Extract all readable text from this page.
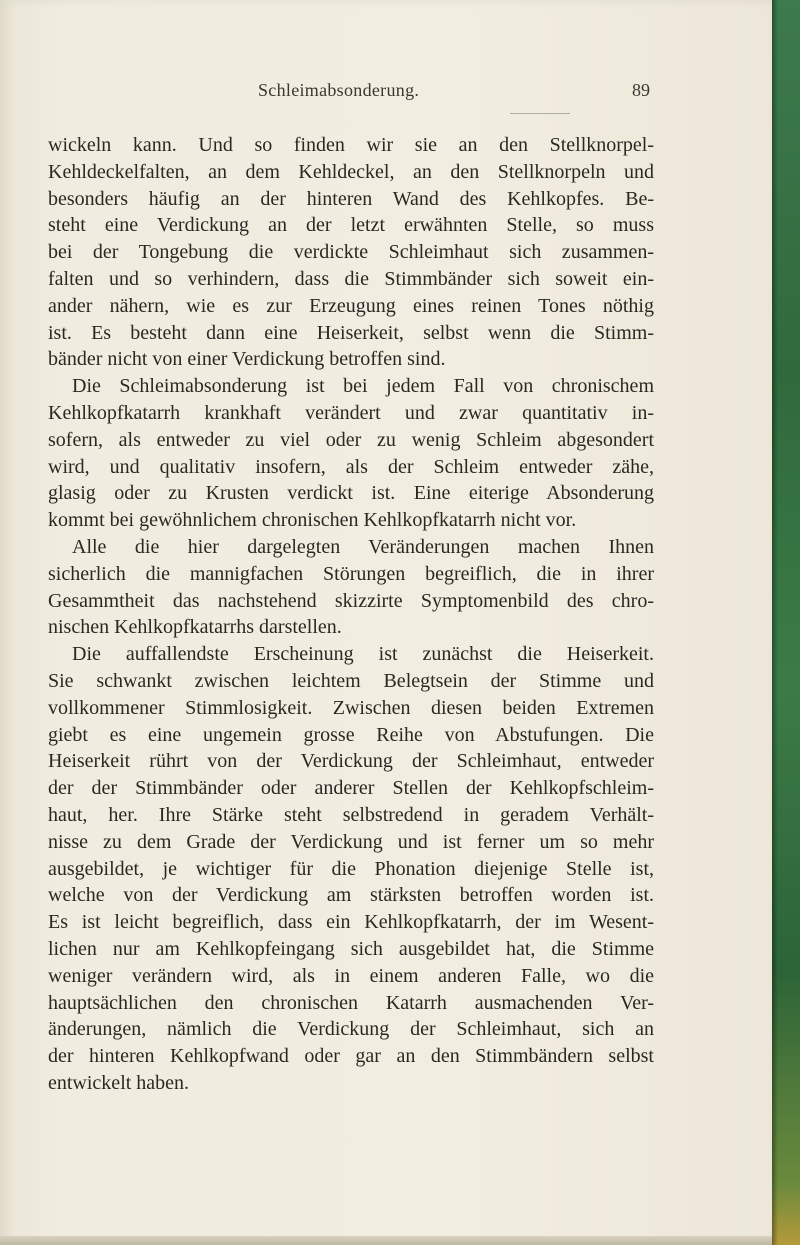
Schleimabsonderung.	89
wickeln kann. Und so finden wir sie an den Stellknorpel-
Kehldeckelfalten, an dem Kehldeckel, an den Stellknorpeln und
besonders häufig an der hinteren Wand des Kehlkopfes. Be-
steht eine Verdickung an der letzt erwähnten Stelle, so muss
bei der Tongebung die verdickte Schleimhaut sich zusammen-
falten und so verhindern, dass die Stimmbänder sich soweit ein-
ander nähern, wie es zur Erzeugung eines reinen Tones nöthig
ist. Es besteht dann eine Heiserkeit, selbst wenn die Stimm-
bänder nicht von einer Verdickung betroffen sind.
Die Schleimabsonderung ist bei jedem Fall von chronischem
Kehlkopfkatarrh krankhaft verändert und zwar quantitativ in-
sofern, als entweder zu viel oder zu wenig Schleim abgesondert
wird, und qualitativ insofern, als der Schleim entweder zähe,
glasig oder zu Krusten verdickt ist. Eine eiterige Absonderung
kommt bei gewöhnlichem chronischen Kehlkopfkatarrh nicht vor.
Alle die hier dargelegten Veränderungen machen Ihnen
sicherlich die mannigfachen Störungen begreiflich, die in ihrer
Gesammtheit das nachstehend skizzirte Symptomenbild des chro-
nischen Kehlkopfkatarrhs darstellen.
Die auffallendste Erscheinung ist zunächst die Heiserkeit.
Sie schwankt zwischen leichtem Belegtsein der Stimme und
vollkommener Stimmlosigkeit. Zwischen diesen beiden Extremen
giebt es eine ungemein grosse Reihe von Abstufungen. Die
Heiserkeit rührt von der Verdickung der Schleimhaut, entweder
der der Stimmbänder oder anderer Stellen der Kehlkopfschleim-
haut, her. Ihre Stärke steht selbstredend in geradem Verhält-
nisse zu dem Grade der Verdickung und ist ferner um so mehr
ausgebildet, je wichtiger für die Phonation diejenige Stelle ist,
welche von der Verdickung am stärksten betroffen worden ist.
Es ist leicht begreiflich, dass ein Kehlkopfkatarrh, der im Wesent-
lichen nur am Kehlkopfeingang sich ausgebildet hat, die Stimme
weniger verändern wird, als in einem anderen Falle, wo die
hauptsächlichen den chronischen Katarrh ausmachenden Ver-
änderungen, nämlich die Verdickung der Schleimhaut, sich an
der hinteren Kehlkopfwand oder gar an den Stimmbändern selbst
entwickelt haben.
